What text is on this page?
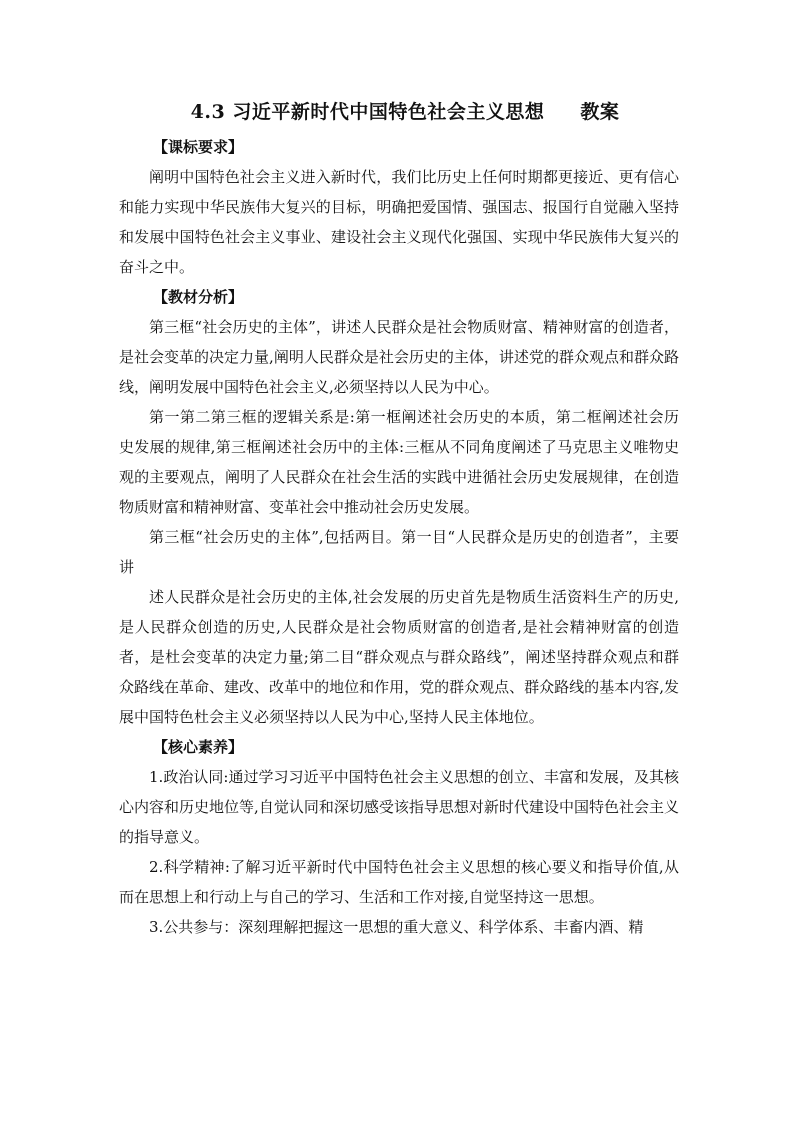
4.3 习近平新时代中国特色社会主义思想 教案

【课标要求】

阐明中国特色社会主义进入新时代，我们比历史上任何时期都更接近、更有信心和能力实现中华民族伟大复兴的目标，明确把爱国情、强国志、报国行自觉融入坚持和发展中国特色社会主义事业、建设社会主义现代化强国、实现中华民族伟大复兴的奋斗之中。

【教材分析】

第三框“社会历史的主体”，讲述人民群众是社会物质财富、精神财富的创造者，是社会变革的决定力量,阐明人民群众是社会历史的主体，讲述党的群众观点和群众路线，阐明发展中国特色社会主义,必须坚持以人民为中心。

第一第二第三框的逻辑关系是:第一框阐述社会历史的本质，第二框阐述社会历史发展的规律,第三框阐述社会历中的主体:三框从不同角度阐述了马克思主义唯物史观的主要观点，阐明了人民群众在社会生活的实践中进循社会历史发展规律，在创造物质财富和精神财富、变革社会中推动社会历史发展。

第三框“社会历史的主体”,包括两目。第一目“人民群众是历史的创造者”，主要讲

述人民群众是社会历史的主体,社会发展的历史首先是物质生活资料生产的历史,是人民群众创造的历史,人民群众是社会物质财富的创造者,是社会精神财富的创造者，是杜会变革的决定力量;第二目“群众观点与群众路线”，阐述坚持群众观点和群众路线在革命、建改、改革中的地位和作用，党的群众观点、群众路线的基本内容,发展中国特色杜会主义必须坚持以人民为中心,坚持人民主体地位。

【核心素养】

1.政治认同:通过学习习近平中国特色社会主义思想的创立、丰富和发展，及其核心内容和历史地位等,自觉认同和深切感受该指导思想对新时代建设中国特色社会主义的指导意义。

2.科学精神:了解习近平新时代中国特色社会主义思想的核心要义和指导价值,从而在思想上和行动上与自己的学习、生活和工作对接,自觉坚持这一思想。

3.公共参与：深刻理解把握这一思想的重大意义、科学体系、丰畜内酒、精
